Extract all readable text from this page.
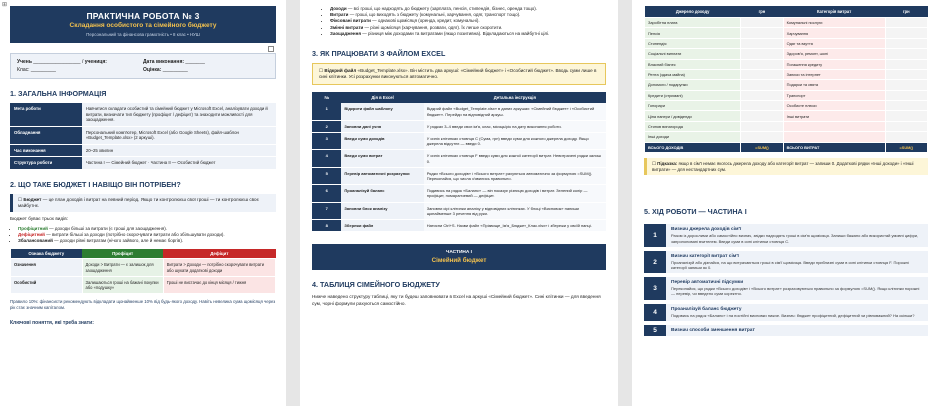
⊞
ПРАКТИЧНА РОБОТА № 3
Складання особистого та сімейного бюджету
Персональний та фінансова грамотність • 8 клас • НУШ
Учень _________________ / учениця:	Дата виконання: _______
Клас: _________	Оцінка: _________
1. ЗАГАЛЬНА ІНФОРМАЦІЯ
Мета роботи	Навчитися складати особистий та сімейний бюджет у Microsoft Excel, аналізувати доходи й витрати, визначати тип бюджету (профіцит / дефіцит) та знаходити можливості для заощадження.
Обладнання	Персональний комп'ютер, Microsoft Excel (або Google Sheets), файл-шаблон «Budget_Template.xlsx» (2 аркуші).
Час виконання	20–25 хвилин
Структура роботи	Частина I — Сімейний бюджет · Частина II — Особистий бюджет
2. ЩО ТАКЕ БЮДЖЕТ І НАВІЩО ВІН ПОТРІБЕН?
☐ Бюджет — це план доходів і витрат на певний період. Якщо ти контролюєш свої гроші — ти контролюєш своє майбутнє.
Бюджет буває трьох видів:
• Профіцитний — доходи більші за витрати (є гроші для заощадження).
• Дефіцитний — витрати більші за доходи (потрібно скорочувати витрати або збільшувати доходи).
• Збалансований — доходи рівні витратам (нічого зайвого, але й немає боргів).
Ознака бюджету	Профіцит	Дефіцит
Означення	Доходи > Витрати — є залишок для заощадження	Витрати > Доходи — потрібно скорочувати витрати або шукати додаткові доходи
Особистий	Залишаються гроші на бажані покупки або «подушку»	Гроші не вистачає до кінця місяця / тижня
Правило 10%: фінансисти рекомендують відкладати щонайменше 10% від будь-якого доходу. Навіть невелика сума щомісяця через рік стає значним капіталом.
Ключові поняття, які треба знати:
• Доходи — всі гроші, що надходять до бюджету (зарплата, пенсія, стипендія, бізнес, оренда тощо).
• Витрати — гроші, що виходять з бюджету (комунальні, харчування, одяг, транспорт тощо).
• Фіксовані витрати — однакові щомісяця (оренда, кредит, комунальні).
• Змінні витрати — різні щомісяця (харчування, розваги, одяг). Їх легше скоротити.
• Заощадження — різниця між доходами та витратами (якщо позитивна). Відкладаються на майбутні цілі.
3. ЯК ПРАЦЮВАТИ З ФАЙЛОМ EXCEL
☐ Відкрий файл «Budget_Template.xlsx». Він містить два аркуші: «Сімейний бюджет» і «Особистий бюджет». Вводь суми лише в сині клітинки. Усі розрахунки виконуються автоматично.
№	Дія в Excel	Детальна інструкція
1	Відкрити файл шаблону	Відкрий файл «Budget_Template.xlsx» в даних аркушах: «Сімейний бюджет» і «Особистий бюджет». Перейди на відповідний аркуш.
2	Заповни дані учня	У рядках 3–4 введи своє ім'я, клас, місяць/рік на дату виконання роботи.
3	Введи суми доходів	У синіх клітинках стовпця С (Сума, грн) введи суми для кожного джерела доходу. Якщо джерела відсутнє — введи 0.
4	Введи суми витрат	У синіх клітинках стовпця F введи суми для кожної категорії витрат. Невитрачені рядки залиш 0.
5	Перевір автоматичні розрахунки	Рядки «Всього доходів» і «Всього витрат» рахуються автоматично за формулою =SUM(). Переконайся, що числа з'явились правильно.
6	Проаналізуй баланс	Подивись на рядок «Баланс» — він показує різницю доходів і витрат. Зелений колір — профіцит, помаранчевий — дефіцит.
7	Заповни блок аналізу	Заповни сірі клітинки аналізу у відповідних клітинках. У блоці «Висновок» напиши щонайменше 3 речення від руки.
8	Збережи файл	Натисни Ctrl+S. Назви файл «Прізвище_Ім'я_Бюджет_Клас.xlsx» і збережи у своїй папці.
ЧАСТИНА I
Сімейний бюджет
4. ТАБЛИЦЯ СІМЕЙНОГО БЮДЖЕТУ
Нижче наведено структуру таблиці, яку ти будеш заповнювати в Excel на аркуші «Сімейний бюджет». Сині клітинки — для введення сум, чорні формули рахуються самостійно.
Джерело доходу	грн	Категорія витрат	грн
Заробітна плата		Комунальні послуги	
Пенсія		Харчування	
Стипендія		Одяг та взуття	
Соціальні виплати		Здоров'я, ремонт, шопі	
Власний бізнес		Погашення кредиту	
Рента (здача майна)		Записи та інтернет	
Допомоги / подарунки		Подарки та свята	
Кредити (отримані)		Транспорт	
Гонорари		Особисте плюси	
Ціна папери / дивіденди		Інші витрати	
Стипов винагорода			
Інші доходи			
ВСЬОГО ДОХОДІВ	=SUM()	ВСЬОГО ВИТРАТ	=SUM()
☐ Підказка: якщо в сім'ї немає якогось джерела доходу або категорії витрат — запиши 0. Додатковi рядки «Інші доходи» і «Інші витрати» — для нестандартних сум.
5. ХІД РОБОТИ — ЧАСТИНА I
1
Визнач джерела доходів сім'ї
Разом із дорослими або самостійно визнач, звідки надходять гроші в сім'ю щомісяця. Запиши бажано або використай умовні цифри, запропоновані вчителем. Введи суми в сині клітинки стовпця С.
2
Визнач категорії витрат сім'ї
Проаналізуй або дізнайся, на що витрачаються гроші в сім'ї щомісяця. Введи приблизні суми в сині клітинки стовпця F. Порожні категорії запиши як 0.
3
Перевір автоматичні підсумки
Переконайся, що рядки «Всього доходів» і «Всього витрат» розраховуються правильно за формулою =SUM(). Якщо клітинки порожні — перевір, чи введено суми коректно.
4	Проаналізуй баланс бюджету
Подивись на рядок «Баланс» і на постійні висновки нижче. Визнач: бюджет профіцитний, дефіцитний чи рівноважний? На скільки?
5	Визнач способи зменшення витрат
